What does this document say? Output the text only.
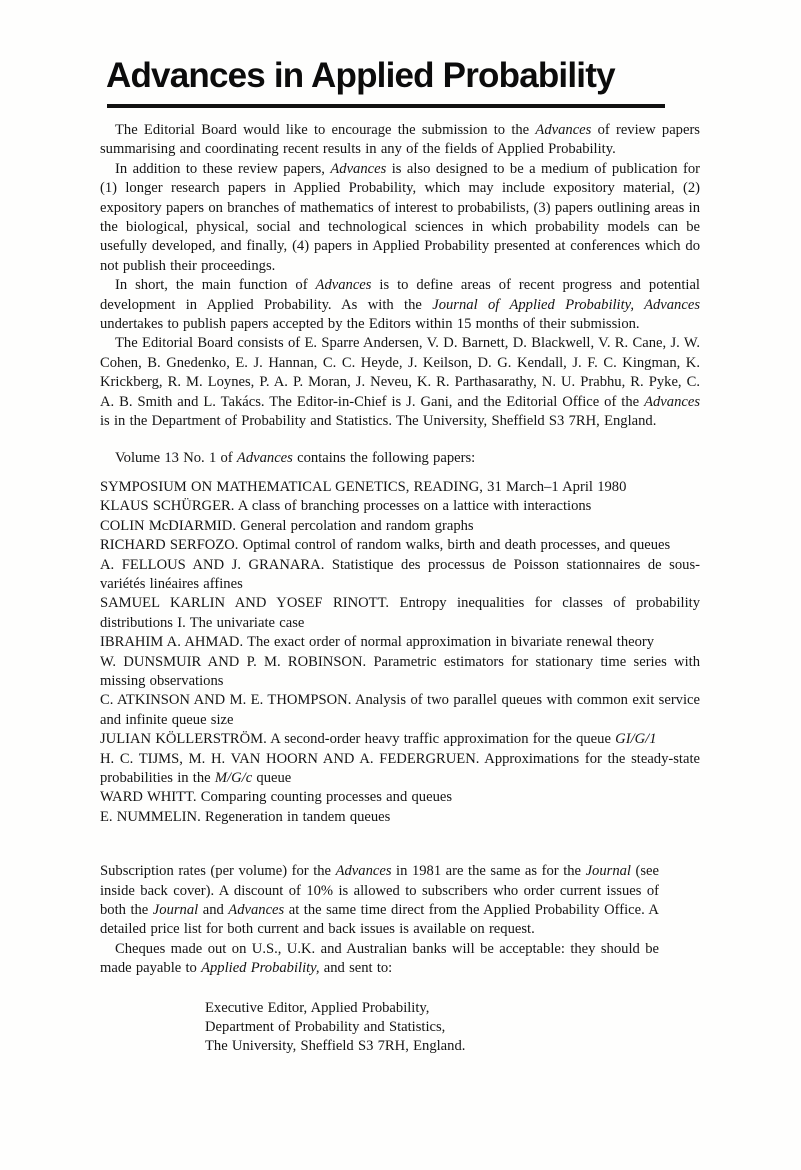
Advances in Applied Probability

The Editorial Board would like to encourage the submission to the Advances of review papers summarising and coordinating recent results in any of the fields of Applied Probability.

In addition to these review papers, Advances is also designed to be a medium of publication for (1) longer research papers in Applied Probability, which may include expository material, (2) expository papers on branches of mathematics of interest to probabilists, (3) papers outlining areas in the biological, physical, social and technological sciences in which probability models can be usefully developed, and finally, (4) papers in Applied Probability presented at conferences which do not publish their proceedings.

In short, the main function of Advances is to define areas of recent progress and potential development in Applied Probability. As with the Journal of Applied Probability, Advances undertakes to publish papers accepted by the Editors within 15 months of their submission.

The Editorial Board consists of E. Sparre Andersen, V. D. Barnett, D. Blackwell, V. R. Cane, J. W. Cohen, B. Gnedenko, E. J. Hannan, C. C. Heyde, J. Keilson, D. G. Kendall, J. F. C. Kingman, K. Krickberg, R. M. Loynes, P. A. P. Moran, J. Neveu, K. R. Parthasarathy, N. U. Prabhu, R. Pyke, C. A. B. Smith and L. Takács. The Editor-in-Chief is J. Gani, and the Editorial Office of the Advances is in the Department of Probability and Statistics. The University, Sheffield S3 7RH, England.

Volume 13 No. 1 of Advances contains the following papers:

SYMPOSIUM ON MATHEMATICAL GENETICS, READING, 31 March–1 April 1980

KLAUS SCHÜRGER. A class of branching processes on a lattice with interactions

COLIN McDIARMID. General percolation and random graphs

RICHARD SERFOZO. Optimal control of random walks, birth and death processes, and queues

A. FELLOUS AND J. GRANARA. Statistique des processus de Poisson stationnaires de sous-variétés linéaires affines

SAMUEL KARLIN AND YOSEF RINOTT. Entropy inequalities for classes of probability distributions I. The univariate case

IBRAHIM A. AHMAD. The exact order of normal approximation in bivariate renewal theory

W. DUNSMUIR AND P. M. ROBINSON. Parametric estimators for stationary time series with missing observations

C. ATKINSON AND M. E. THOMPSON. Analysis of two parallel queues with common exit service and infinite queue size

JULIAN KÖLLERSTRÖM. A second-order heavy traffic approximation for the queue GI/G/1

H. C. TIJMS, M. H. VAN HOORN AND A. FEDERGRUEN. Approximations for the steady-state probabilities in the M/G/c queue

WARD WHITT. Comparing counting processes and queues

E. NUMMELIN. Regeneration in tandem queues

Subscription rates (per volume) for the Advances in 1981 are the same as for the Journal (see inside back cover). A discount of 10% is allowed to subscribers who order current issues of both the Journal and Advances at the same time direct from the Applied Probability Office. A detailed price list for both current and back issues is available on request.

Cheques made out on U.S., U.K. and Australian banks will be acceptable: they should be made payable to Applied Probability, and sent to:

Executive Editor, Applied Probability,
Department of Probability and Statistics,
The University, Sheffield S3 7RH, England.
